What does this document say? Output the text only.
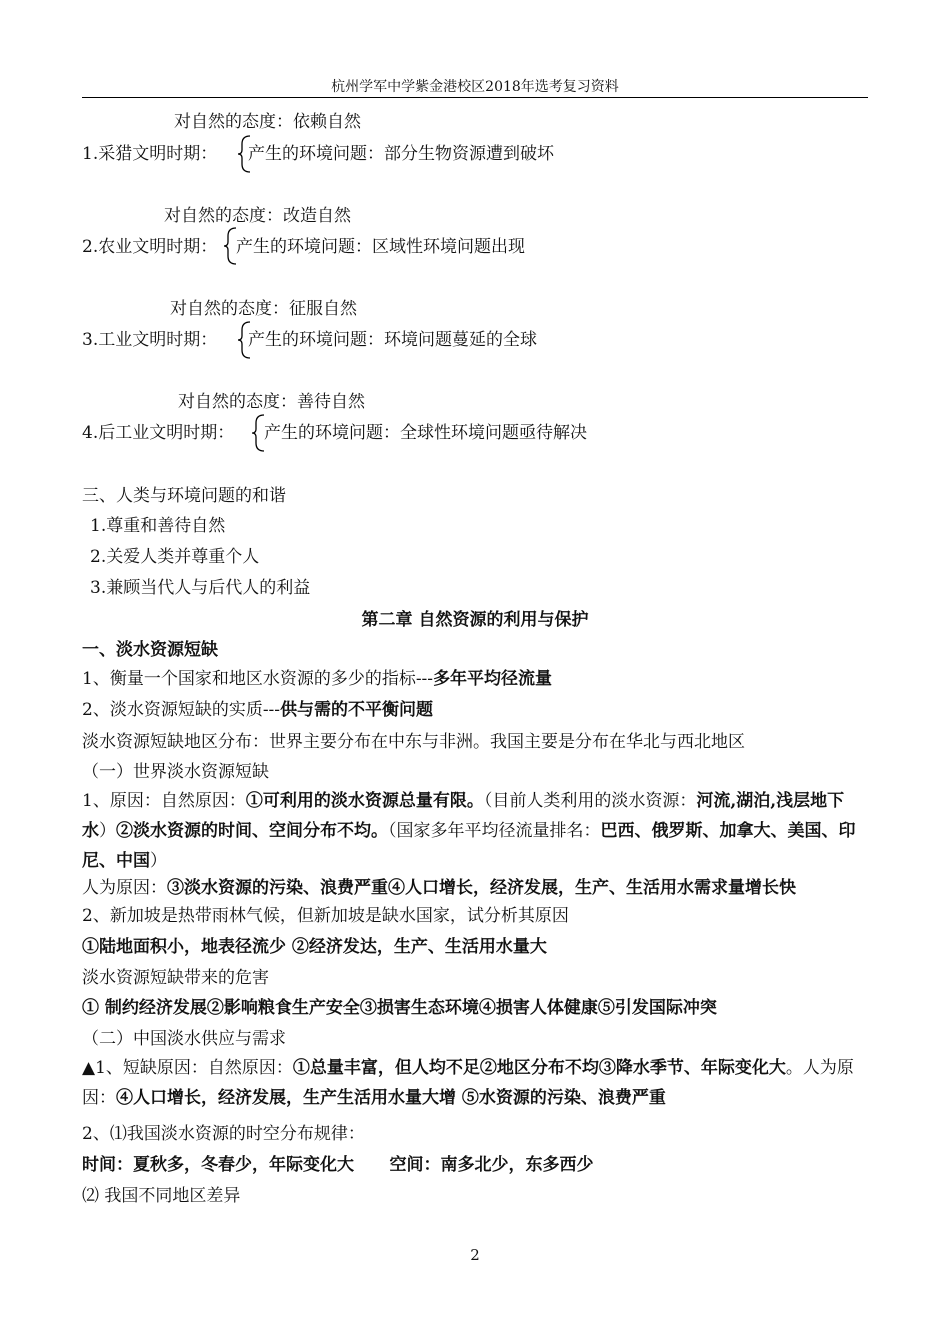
杭州学军中学紫金港校区2018年选考复习资料
对自然的态度：依赖自然
1.采猎文明时期： 产生的环境问题：部分生物资源遭到破坏
对自然的态度：改造自然
2.农业文明时期： 产生的环境问题：区域性环境问题出现
对自然的态度：征服自然
3.工业文明时期： 产生的环境问题：环境问题蔓延的全球
对自然的态度：善待自然
4.后工业文明时期： 产生的环境问题：全球性环境问题亟待解决
三、人类与环境问题的和谐
1.尊重和善待自然
2.关爱人类并尊重个人
3.兼顾当代人与后代人的利益
第二章 自然资源的利用与保护
一、淡水资源短缺
1、衡量一个国家和地区水资源的多少的指标---多年平均径流量
2、淡水资源短缺的实质---供与需的不平衡问题
淡水资源短缺地区分布：世界主要分布在中东与非洲。我国主要是分布在华北与西北地区
（一）世界淡水资源短缺
1、原因：自然原因：①可利用的淡水资源总量有限。（目前人类利用的淡水资源：河流,湖泊,浅层地下水）②淡水资源的时间、空间分布不均。（国家多年平均径流量排名：巴西、俄罗斯、加拿大、美国、印尼、中国）
人为原因：③淡水资源的污染、浪费严重④人口增长，经济发展，生产、生活用水需求量增长快
2、新加坡是热带雨林气候，但新加坡是缺水国家，试分析其原因
①陆地面积小，地表径流少 ②经济发达，生产、生活用水量大
淡水资源短缺带来的危害
① 制约经济发展②影响粮食生产安全③损害生态环境④损害人体健康⑤引发国际冲突
（二）中国淡水供应与需求
▲1、短缺原因：自然原因：①总量丰富，但人均不足②地区分布不均③降水季节、年际变化大。人为原因：④人口增长，经济发展，生产生活用水量大增 ⑤水资源的污染、浪费严重
2、⑴我国淡水资源的时空分布规律：
时间：夏秋多，冬春少，年际变化大      空间：南多北少，东多西少
⑵ 我国不同地区差异
2
